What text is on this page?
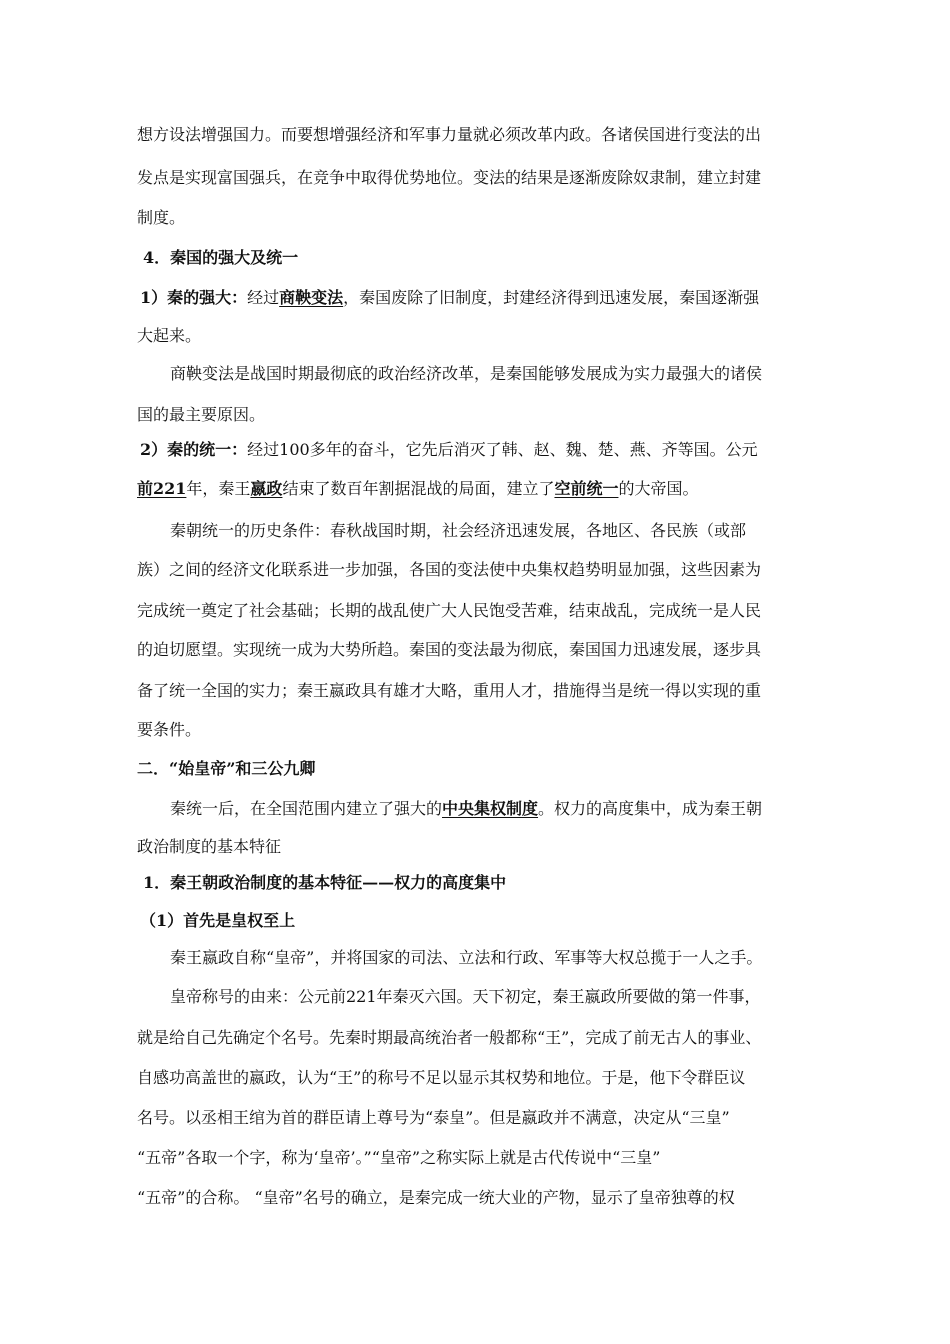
想方设法增强国力。而要想增强经济和军事力量就必须改革内政。各诸侯国进行变法的出
发点是实现富国强兵，在竞争中取得优势地位。变法的结果是逐渐废除奴隶制，建立封建
制度。
4．秦国的强大及统一
1）秦的强大：经过商鞅变法，秦国废除了旧制度，封建经济得到迅速发展，秦国逐渐强
大起来。
商鞅变法是战国时期最彻底的政治经济改革，是秦国能够发展成为实力最强大的诸侯
国的最主要原因。
2）秦的统一：经过100多年的奋斗，它先后消灭了韩、赵、魏、楚、燕、齐等国。公元
前221年，秦王嬴政结束了数百年割据混战的局面，建立了空前统一的大帝国。
秦朝统一的历史条件：春秋战国时期，社会经济迅速发展，各地区、各民族（或部
族）之间的经济文化联系进一步加强，各国的变法使中央集权趋势明显加强，这些因素为
完成统一奠定了社会基础；长期的战乱使广大人民饱受苦难，结束战乱，完成统一是人民
的迫切愿望。实现统一成为大势所趋。秦国的变法最为彻底，秦国国力迅速发展，逐步具
备了统一全国的实力；秦王嬴政具有雄才大略，重用人才，措施得当是统一得以实现的重
要条件。
二．“始皇帝”和三公九卿
秦统一后，在全国范围内建立了强大的中央集权制度。权力的高度集中，成为秦王朝
政治制度的基本特征
1．秦王朝政治制度的基本特征——权力的高度集中
（1）首先是皇权至上
秦王嬴政自称“皇帝”，并将国家的司法、立法和行政、军事等大权总揽于一人之手。
皇帝称号的由来：公元前221年秦灭六国。天下初定，秦王嬴政所要做的第一件事，
就是给自己先确定个名号。先秦时期最高统治者一般都称“王”，完成了前无古人的事业、
自感功高盖世的嬴政，认为“王”的称号不足以显示其权势和地位。于是，他下令群臣议
名号。以丞相王绾为首的群臣请上尊号为“泰皇”。但是嬴政并不满意，决定从“三皇”
“五帝”各取一个字，称为‘皇帝’。”“皇帝”之称实际上就是古代传说中“三皇”
“五帝”的合称。 “皇帝”名号的确立，是秦完成一统大业的产物，显示了皇帝独尊的权
